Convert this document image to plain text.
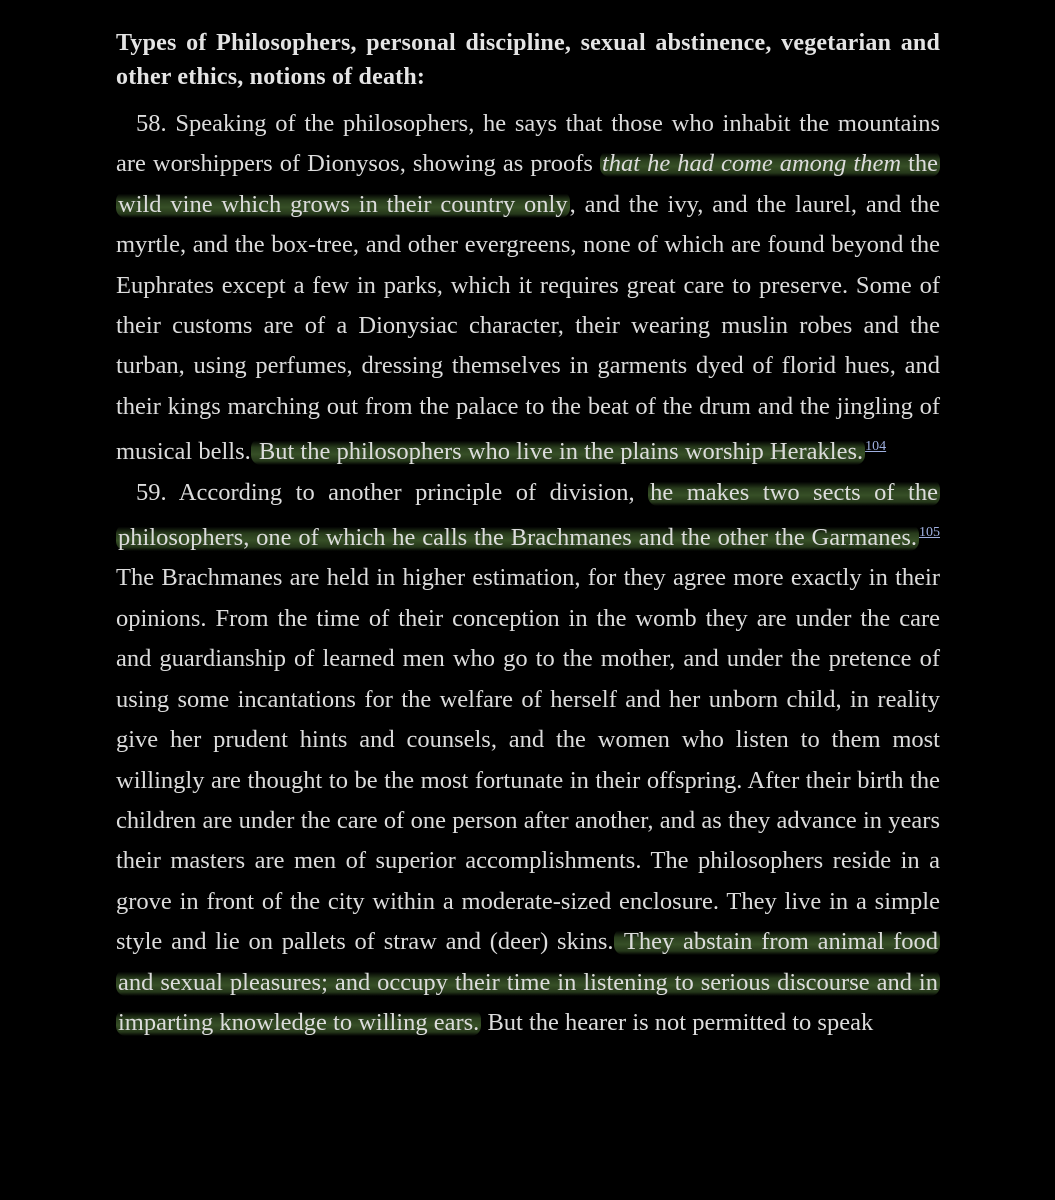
Types of Philosophers, personal discipline, sexual abstinence, vegetarian and other ethics, notions of death:

58. Speaking of the philosophers, he says that those who inhabit the mountains are worshippers of Dionysos, showing as proofs that he had come among them the wild vine which grows in their country only, and the ivy, and the laurel, and the myrtle, and the box-tree, and other evergreens, none of which are found beyond the Euphrates except a few in parks, which it requires great care to preserve. Some of their customs are of a Dionysiac character, their wearing muslin robes and the turban, using perfumes, dressing themselves in garments dyed of florid hues, and their kings marching out from the palace to the beat of the drum and the jingling of musical bells. But the philosophers who live in the plains worship Herakles. $^{104}$

59. According to another principle of division, he makes two sects of the philosophers, one of which he calls the Brachmanes and the other the Garmanes. $^{105}$ The Brachmanes are held in higher estimation, for they agree more exactly in their opinions. From the time of their conception in the womb they are under the care and guardianship of learned men who go to the mother, and under the pretence of using some incantations for the welfare of herself and her unborn child, in reality give her prudent hints and counsels, and the women who listen to them most willingly are thought to be the most fortunate in their offspring. After their birth the children are under the care of one person after another, and as they advance in years their masters are men of superior accomplishments. The philosophers reside in a grove in front of the city within a moderate-sized enclosure. They live in a simple style and lie on pallets of straw and (deer) skins. They abstain from animal food and sexual pleasures; and occupy their time in listening to serious discourse and in imparting knowledge to willing ears. But the hearer is not permitted to speak
